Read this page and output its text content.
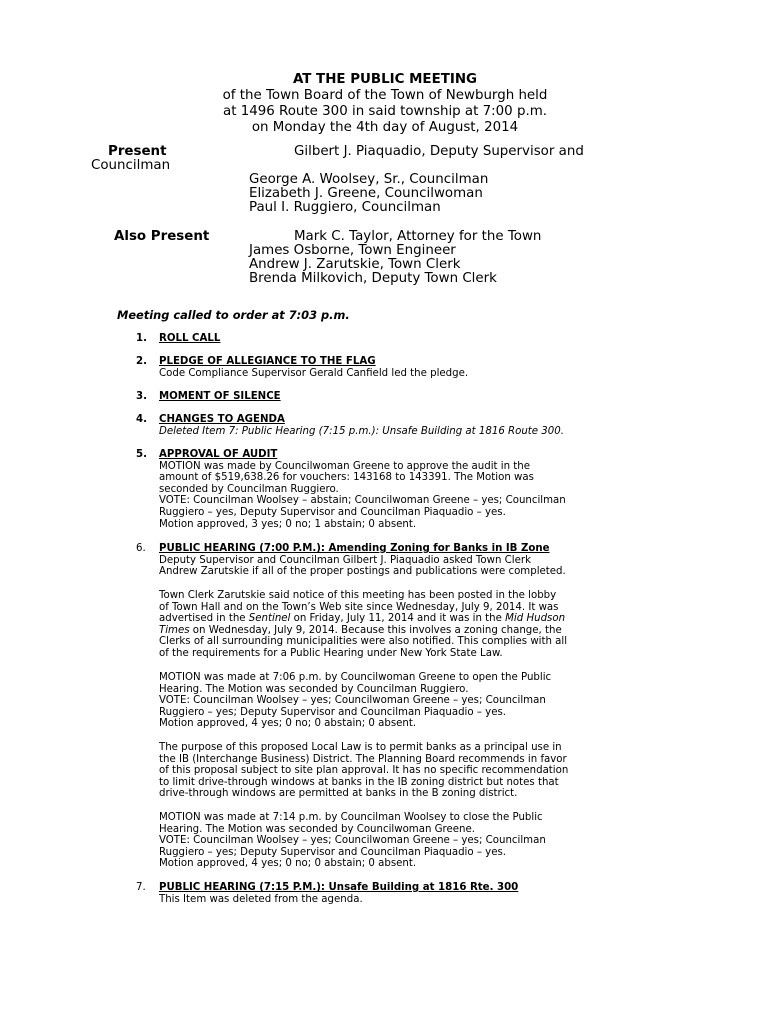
AT THE PUBLIC MEETING
of the Town Board of the Town of Newburgh held
at 1496 Route 300 in said township at 7:00 p.m.
on Monday the 4th day of August, 2014
Present	Gilbert J. Piaquadio, Deputy Supervisor and
Councilman
George A. Woolsey, Sr., Councilman
Elizabeth J. Greene, Councilwoman
Paul I. Ruggiero, Councilman
Also Present	Mark C. Taylor, Attorney for the Town
James Osborne, Town Engineer
Andrew J. Zarutskie, Town Clerk
Brenda Milkovich, Deputy Town Clerk
Meeting called to order at 7:03 p.m.
1. ROLL CALL
2. PLEDGE OF ALLEGIANCE TO THE FLAG
Code Compliance Supervisor Gerald Canfield led the pledge.
3. MOMENT OF SILENCE
4. CHANGES TO AGENDA
Deleted Item 7: Public Hearing (7:15 p.m.): Unsafe Building at 1816 Route 300.
5. APPROVAL OF AUDIT
MOTION was made by Councilwoman Greene to approve the audit in the
amount of $519,638.26 for vouchers: 143168 to 143391. The Motion was
seconded by Councilman Ruggiero.
VOTE: Councilman Woolsey – abstain; Councilwoman Greene – yes; Councilman
Ruggiero – yes, Deputy Supervisor and Councilman Piaquadio – yes.
Motion approved, 3 yes; 0 no; 1 abstain; 0 absent.
6. PUBLIC HEARING (7:00 P.M.): Amending Zoning for Banks in IB Zone
Deputy Supervisor and Councilman Gilbert J. Piaquadio asked Town Clerk
Andrew Zarutskie if all of the proper postings and publications were completed.
Town Clerk Zarutskie said notice of this meeting has been posted in the lobby
of Town Hall and on the Town’s Web site since Wednesday, July 9, 2014. It was
advertised in the Sentinel on Friday, July 11, 2014 and it was in the Mid Hudson
Times on Wednesday, July 9, 2014. Because this involves a zoning change, the
Clerks of all surrounding municipalities were also notified. This complies with all
of the requirements for a Public Hearing under New York State Law.
MOTION was made at 7:06 p.m. by Councilwoman Greene to open the Public
Hearing. The Motion was seconded by Councilman Ruggiero.
VOTE: Councilman Woolsey – yes; Councilwoman Greene – yes; Councilman
Ruggiero – yes; Deputy Supervisor and Councilman Piaquadio – yes.
Motion approved, 4 yes; 0 no; 0 abstain; 0 absent.
The purpose of this proposed Local Law is to permit banks as a principal use in
the IB (Interchange Business) District. The Planning Board recommends in favor
of this proposal subject to site plan approval. It has no specific recommendation
to limit drive-through windows at banks in the IB zoning district but notes that
drive-through windows are permitted at banks in the B zoning district.
MOTION was made at 7:14 p.m. by Councilman Woolsey to close the Public
Hearing. The Motion was seconded by Councilwoman Greene.
VOTE: Councilman Woolsey – yes; Councilwoman Greene – yes; Councilman
Ruggiero – yes; Deputy Supervisor and Councilman Piaquadio – yes.
Motion approved, 4 yes; 0 no; 0 abstain; 0 absent.
7. PUBLIC HEARING (7:15 P.M.): Unsafe Building at 1816 Rte. 300
This Item was deleted from the agenda.
